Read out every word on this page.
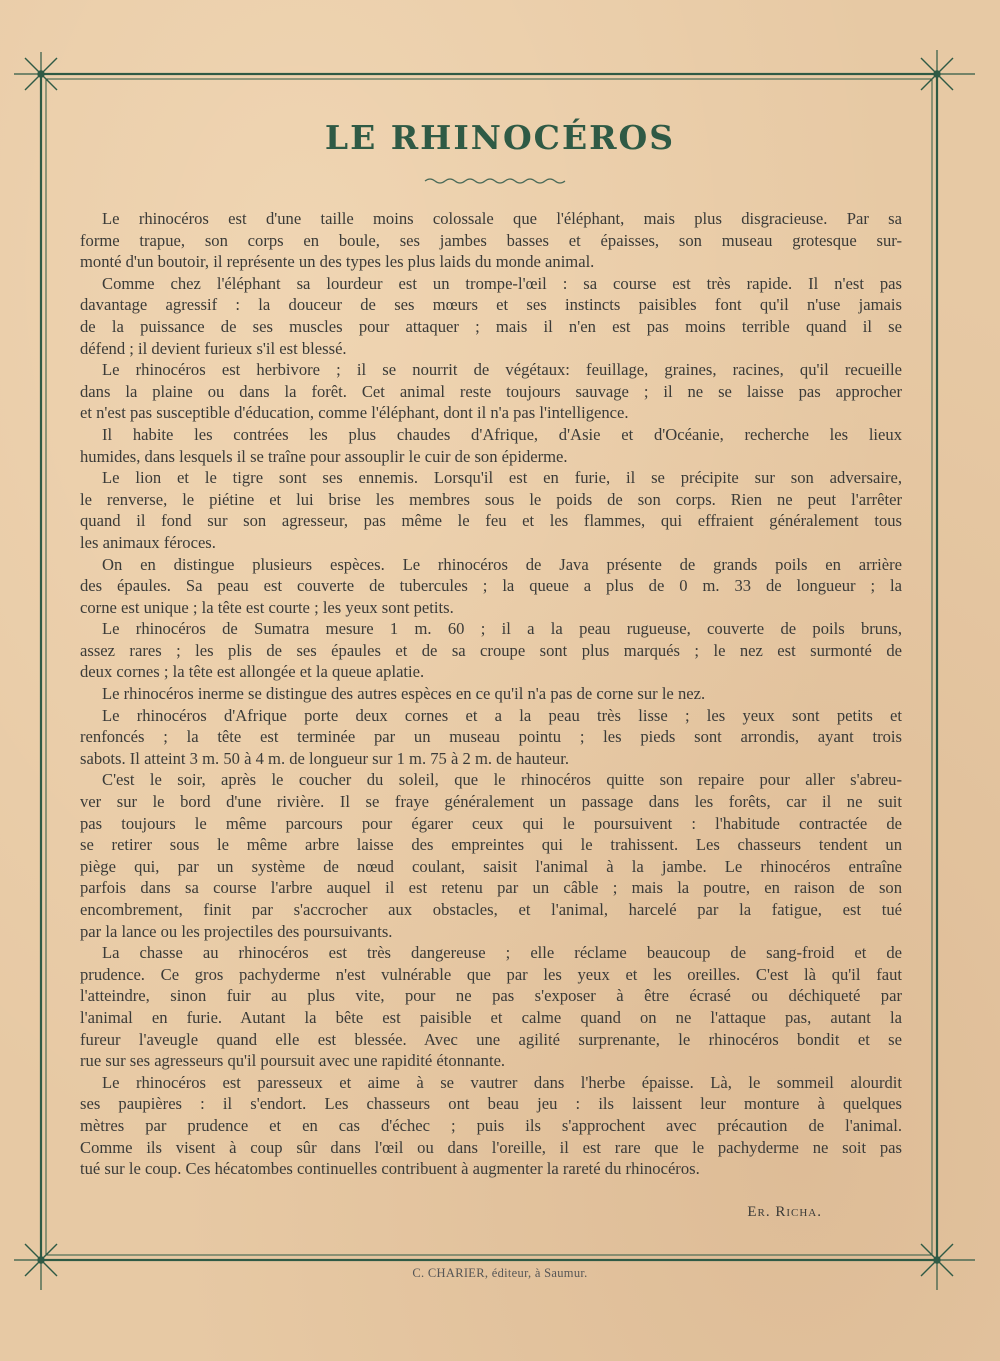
LE RHINOCÉROS
Le rhinocéros est d'une taille moins colossale que l'éléphant, mais plus disgracieuse. Par sa
forme trapue, son corps en boule, ses jambes basses et épaisses, son museau grotesque sur-
monté d'un boutoir, il représente un des types les plus laids du monde animal.
Comme chez l'éléphant sa lourdeur est un trompe-l'œil : sa course est très rapide. Il n'est pas
davantage agressif : la douceur de ses mœurs et ses instincts paisibles font qu'il n'use jamais
de la puissance de ses muscles pour attaquer ; mais il n'en est pas moins terrible quand il se
défend ; il devient furieux s'il est blessé.
Le rhinocéros est herbivore ; il se nourrit de végétaux: feuillage, graines, racines, qu'il recueille
dans la plaine ou dans la forêt. Cet animal reste toujours sauvage ; il ne se laisse pas approcher
et n'est pas susceptible d'éducation, comme l'éléphant, dont il n'a pas l'intelligence.
Il habite les contrées les plus chaudes d'Afrique, d'Asie et d'Océanie, recherche les lieux
humides, dans lesquels il se traîne pour assouplir le cuir de son épiderme.
Le lion et le tigre sont ses ennemis. Lorsqu'il est en furie, il se précipite sur son adversaire,
le renverse, le piétine et lui brise les membres sous le poids de son corps. Rien ne peut l'arrêter
quand il fond sur son agresseur, pas même le feu et les flammes, qui effraient généralement tous
les animaux féroces.
On en distingue plusieurs espèces. Le rhinocéros de Java présente de grands poils en arrière
des épaules. Sa peau est couverte de tubercules ; la queue a plus de 0 m. 33 de longueur ; la
corne est unique ; la tête est courte ; les yeux sont petits.
Le rhinocéros de Sumatra mesure 1 m. 60 ; il a la peau rugueuse, couverte de poils bruns,
assez rares ; les plis de ses épaules et de sa croupe sont plus marqués ; le nez est surmonté de
deux cornes ; la tête est allongée et la queue aplatie.
Le rhinocéros inerme se distingue des autres espèces en ce qu'il n'a pas de corne sur le nez.
Le rhinocéros d'Afrique porte deux cornes et a la peau très lisse ; les yeux sont petits et
renfoncés ; la tête est terminée par un museau pointu ; les pieds sont arrondis, ayant trois
sabots. Il atteint 3 m. 50 à 4 m. de longueur sur 1 m. 75 à 2 m. de hauteur.
C'est le soir, après le coucher du soleil, que le rhinocéros quitte son repaire pour aller s'abreu-
ver sur le bord d'une rivière. Il se fraye généralement un passage dans les forêts, car il ne suit
pas toujours le même parcours pour égarer ceux qui le poursuivent : l'habitude contractée de
se retirer sous le même arbre laisse des empreintes qui le trahissent. Les chasseurs tendent un
piège qui, par un système de nœud coulant, saisit l'animal à la jambe. Le rhinocéros entraîne
parfois dans sa course l'arbre auquel il est retenu par un câble ; mais la poutre, en raison de son
encombrement, finit par s'accrocher aux obstacles, et l'animal, harcelé par la fatigue, est tué
par la lance ou les projectiles des poursuivants.
La chasse au rhinocéros est très dangereuse ; elle réclame beaucoup de sang-froid et de
prudence. Ce gros pachyderme n'est vulnérable que par les yeux et les oreilles. C'est là qu'il faut
l'atteindre, sinon fuir au plus vite, pour ne pas s'exposer à être écrasé ou déchiqueté par
l'animal en furie. Autant la bête est paisible et calme quand on ne l'attaque pas, autant la
fureur l'aveugle quand elle est blessée. Avec une agilité surprenante, le rhinocéros bondit et se
rue sur ses agresseurs qu'il poursuit avec une rapidité étonnante.
Le rhinocéros est paresseux et aime à se vautrer dans l'herbe épaisse. Là, le sommeil alourdit
ses paupières : il s'endort. Les chasseurs ont beau jeu : ils laissent leur monture à quelques
mètres par prudence et en cas d'échec ; puis ils s'approchent avec précaution de l'animal.
Comme ils visent à coup sûr dans l'œil ou dans l'oreille, il est rare que le pachyderme ne soit pas
tué sur le coup. Ces hécatombes continuelles contribuent à augmenter la rareté du rhinocéros.
Er. Richa.
C. CHARIER, éditeur, à Saumur.
